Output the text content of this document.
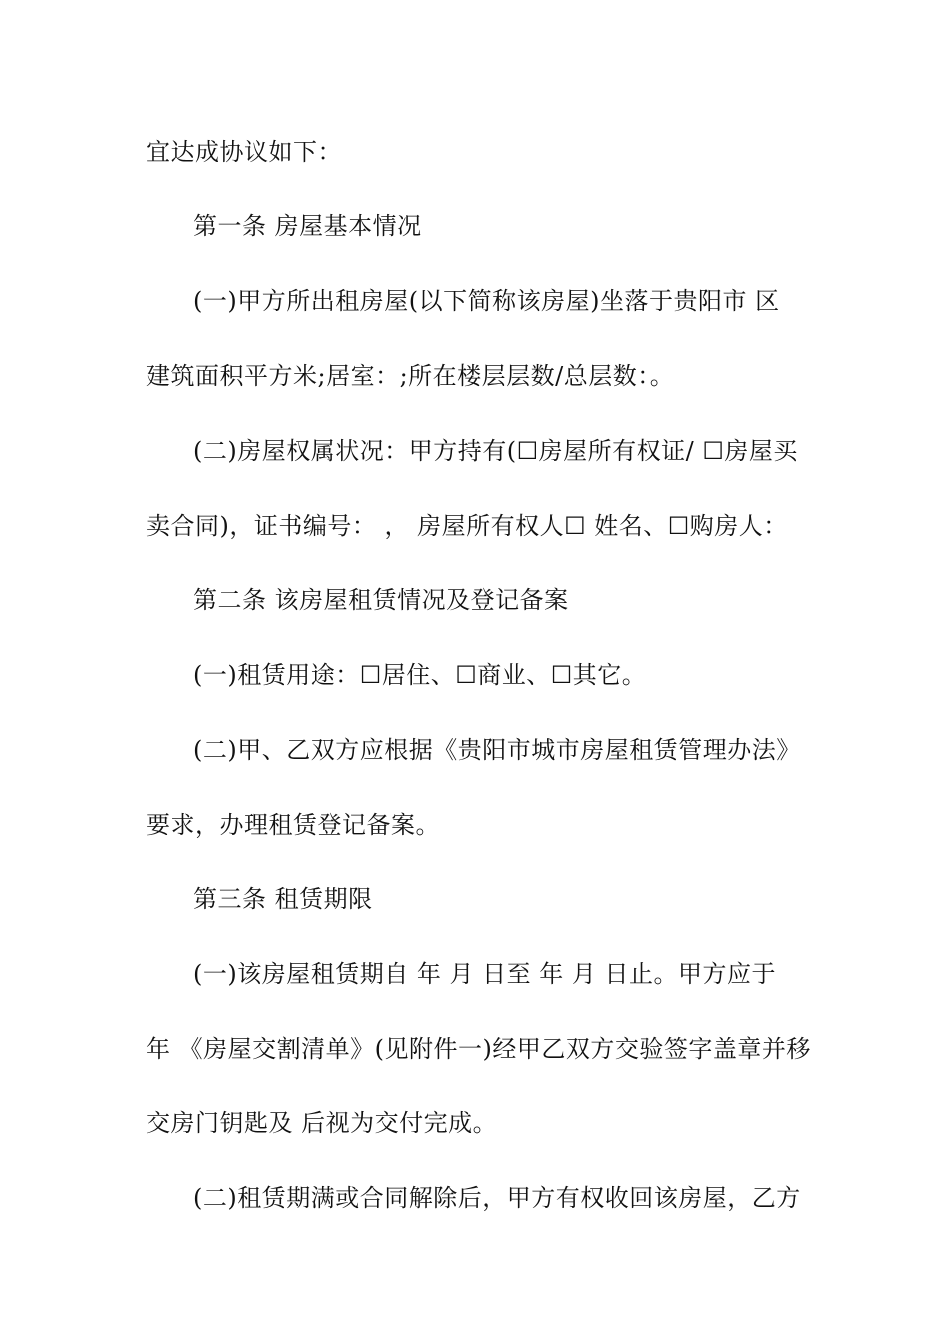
宜达成协议如下：
第一条 房屋基本情况
(一)甲方所出租房屋(以下简称该房屋)坐落于贵阳市 区
建筑面积平方米;居室：;所在楼层层数/总层数：。
(二)房屋权属状况：甲方持有(☐房屋所有权证/ ☐房屋买
卖合同)，证书编号： ， 房屋所有权人☐ 姓名、☐购房人：
第二条 该房屋租赁情况及登记备案
(一)租赁用途：☐居住、☐商业、☐其它。
(二)甲、乙双方应根据《贵阳市城市房屋租赁管理办法》
要求，办理租赁登记备案。
第三条 租赁期限
(一)该房屋租赁期自 年 月 日至 年 月 日止。甲方应于
年 《房屋交割清单》(见附件一)经甲乙双方交验签字盖章并移
交房门钥匙及 后视为交付完成。
(二)租赁期满或合同解除后，甲方有权收回该房屋，乙方
